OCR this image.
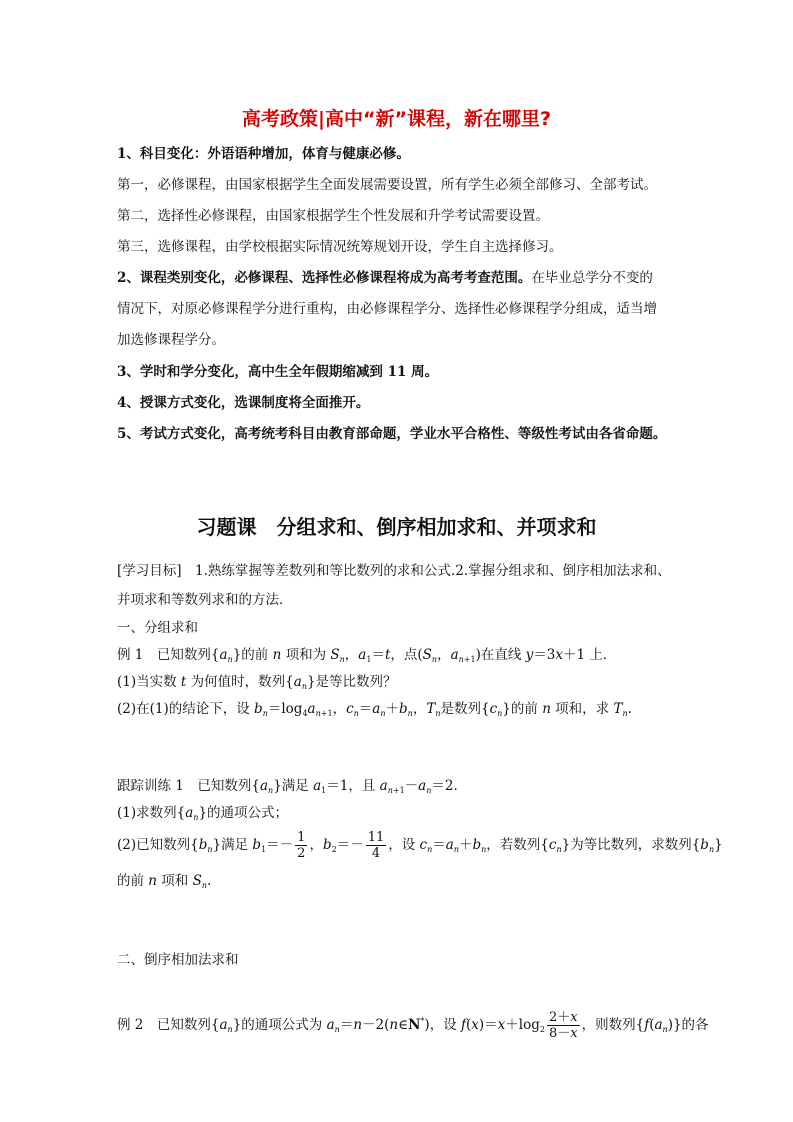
高考政策|高中“新”课程，新在哪里?
1、科目变化：外语语种增加，体育与健康必修。
第一，必修课程，由国家根据学生全面发展需要设置，所有学生必须全部修习、全部考试。
第二，选择性必修课程，由国家根据学生个性发展和升学考试需要设置。
第三，选修课程，由学校根据实际情况统筹规划开设，学生自主选择修习。
2、课程类别变化，必修课程、选择性必修课程将成为高考考查范围。在毕业总学分不变的
情况下，对原必修课程学分进行重构，由必修课程学分、选择性必修课程学分组成，适当增
加选修课程学分。
3、学时和学分变化，高中生全年假期缩减到 11 周。
4、授课方式变化，选课制度将全面推开。
5、考试方式变化，高考统考科目由教育部命题，学业水平合格性、等级性考试由各省命题。
习题课　分组求和、倒序相加求和、并项求和
[学习目标]　1.熟练掌握等差数列和等比数列的求和公式.2.掌握分组求和、倒序相加法求和、
并项求和等数列求和的方法．
一、分组求和
例 1　已知数列$\{a_n\}$的前 n 项和为 $S_n$，$a_1=t$，点($S_n$，$a_{n+1}$)在直线 y＝3x＋1 上．
(1)当实数 t 为何值时，数列$\{a_n\}$是等比数列？
(2)在(1)的结论下，设 $b_n=\log_4a_{n+1}$，$c_n=a_n+b_n$，$T_n$是数列$\{c_n\}$的前 n 项和，求 $T_n$.
跟踪训练 1　已知数列$\{a_n\}$满足 $a_1=1$，且 $a_{n+1}-a_n=2$.
(1)求数列$\{a_n\}$的通项公式；
(2)已知数列$\{b_n\}$满足 $b_1=- \frac{1}{2}$ ，$b_2=- \frac{11}{4}$ ，设 $c_n=a_n+b_n$，若数列$\{c_n\}$为等比数列，求数列$\{b_n\}$
的前 n 项和 $S_n$.
二、倒序相加法求和
例 2　已知数列$\{a_n\}$的通项公式为 $a_n=n-2(n\in N^*)$，设 $f(x)=x+\log_2 \frac{2+x}{8-x}$ ，则数列$\{f(a_n)\}$的各
